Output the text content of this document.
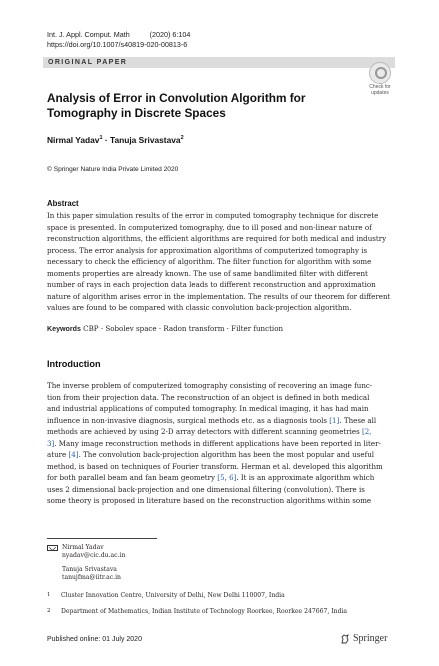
Int. J. Appl. Comput. Math          (2020) 6:104
https://doi.org/10.1007/s40819-020-00813-6
ORIGINAL PAPER
Check for
updates
Analysis of Error in Convolution Algorithm for Tomography in Discrete Spaces
Nirmal Yadav$^1$ · Tanuja Srivastava$^2$
© Springer Nature India Private Limited 2020
Abstract
In this paper simulation results of the error in computed tomography technique for discrete
space is presented. In computerized tomography, due to ill posed and non-linear nature of
reconstruction algorithms, the efficient algorithms are required for both medical and industry
process. The error analysis for approximation algorithms of computerized tomography is
necessary to check the efficiency of algorithm. The filter function for algorithm with some
moments properties are already known. The use of same bandlimited filter with different
number of rays in each projection data leads to different reconstruction and approximation
nature of algorithm arises error in the implementation. The results of our theorem for different
values are found to be compared with classic convolution back-projection algorithm.
Keywords CBP · Sobolev space · Radon transform · Filter function
Introduction
The inverse problem of computerized tomography consisting of recovering an image func-
tion from their projection data. The reconstruction of an object is defined in both medical
and industrial applications of computed tomography. In medical imaging, it has had main
influence in non-invasive diagnosis, surgical methods etc. as a diagnosis tools [1]. These all
methods are achieved by using 2-D array detectors with different scanning geometries [2,
3]. Many image reconstruction methods in different applications have been reported in liter-
ature [4]. The convolution back-projection algorithm has been the most popular and useful
method, is based on techniques of Fourier transform. Herman et al. developed this algorithm
for both parallel beam and fan beam geometry [5, 6]. It is an approximate algorithm which
uses 2 dimensional back-projection and one dimensional filtering (convolution). There is
some theory is proposed in literature based on the reconstruction algorithms within some
Nirmal Yadav
nyadav@cic.du.ac.in
Tanuja Srivastava
tanujfma@iitr.ac.in
1 Cluster Innovation Centre, University of Delhi, New Delhi 110007, India
2 Department of Mathematics, Indian Institute of Technology Roorkee, Roorkee 247667, India
Published online: 01 July 2020	Springer
